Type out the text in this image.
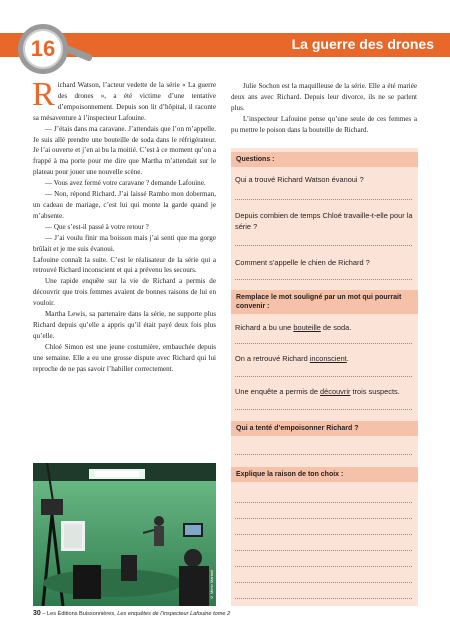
La guerre des drones
16

Richard Watson, l’acteur vedette de la série « La guerre des drones », a été victime d’une tentative d’empoisonnement. Depuis son lit d’hôpital, il raconte sa mésaventure à l’inspecteur Lafouine.

— J’étais dans ma caravane. J’attendais que l’on m’appelle. Je suis allé prendre une bouteille de soda dans le réfrigérateur. Je l’ai ouverte et j’en ai bu la moitié. C’est à ce moment qu’on a frappé à ma porte pour me dire que Martha m’attendait sur le plateau pour jouer une nouvelle scène.

— Vous avez fermé votre caravane ? demande Lafouine.

— Non, répond Richard. J’ai laissé Rambo mon doberman, un cadeau de mariage, c’est lui qui monte la garde quand je m’absente.

— Que s’est-il passé à votre retour ?

— J’ai voulu finir ma boisson mais j’ai senti que ma gorge brûlait et je me suis évanoui.

Lafouine connaît la suite. C’est le réalisateur de la série qui a retrouvé Richard inconscient et qui a prévenu les secours.

Une rapide enquête sur la vie de Richard a permis de découvrir que trois femmes avaient de bonnes raisons de lui en vouloir.

Martha Lewis, sa partenaire dans la série, ne supporte plus Richard depuis qu’elle a appris qu’il était payé deux fois plus qu’elle.

Chloé Simon est une jeune costumière, embauchée depuis une semaine. Elle a eu une grosse dispute avec Richard qui lui reproche de ne pas savoir l’habiller correctement.

Julie Sochon est la maquilleuse de la série. Elle a été mariée deux ans avec Richard. Depuis leur divorce, ils ne se parlent plus.

L’inspecteur Lafouine pense qu’une seule de ces femmes a pu mettre le poison dans la bouteille de Richard.

Questions :
Qui a trouvé Richard Watson évanoui ?
Depuis combien de temps Chloé travaille-t-elle pour la série ?
Comment s’appelle le chien de Richard ?
Remplace le mot souligné par un mot qui pourrait convenir :
Richard a bu une bouteille de soda.
On a retrouvé Richard inconscient.
Une enquête a permis de découvrir trois suspects.
Qui a tenté d’empoisonner Richard ?
Explique la raison de ton choix :
© Mimo Mariani
30 – Les Éditions Buissonnières, Les enquêtes de l’inspecteur Lafouine tome 2
